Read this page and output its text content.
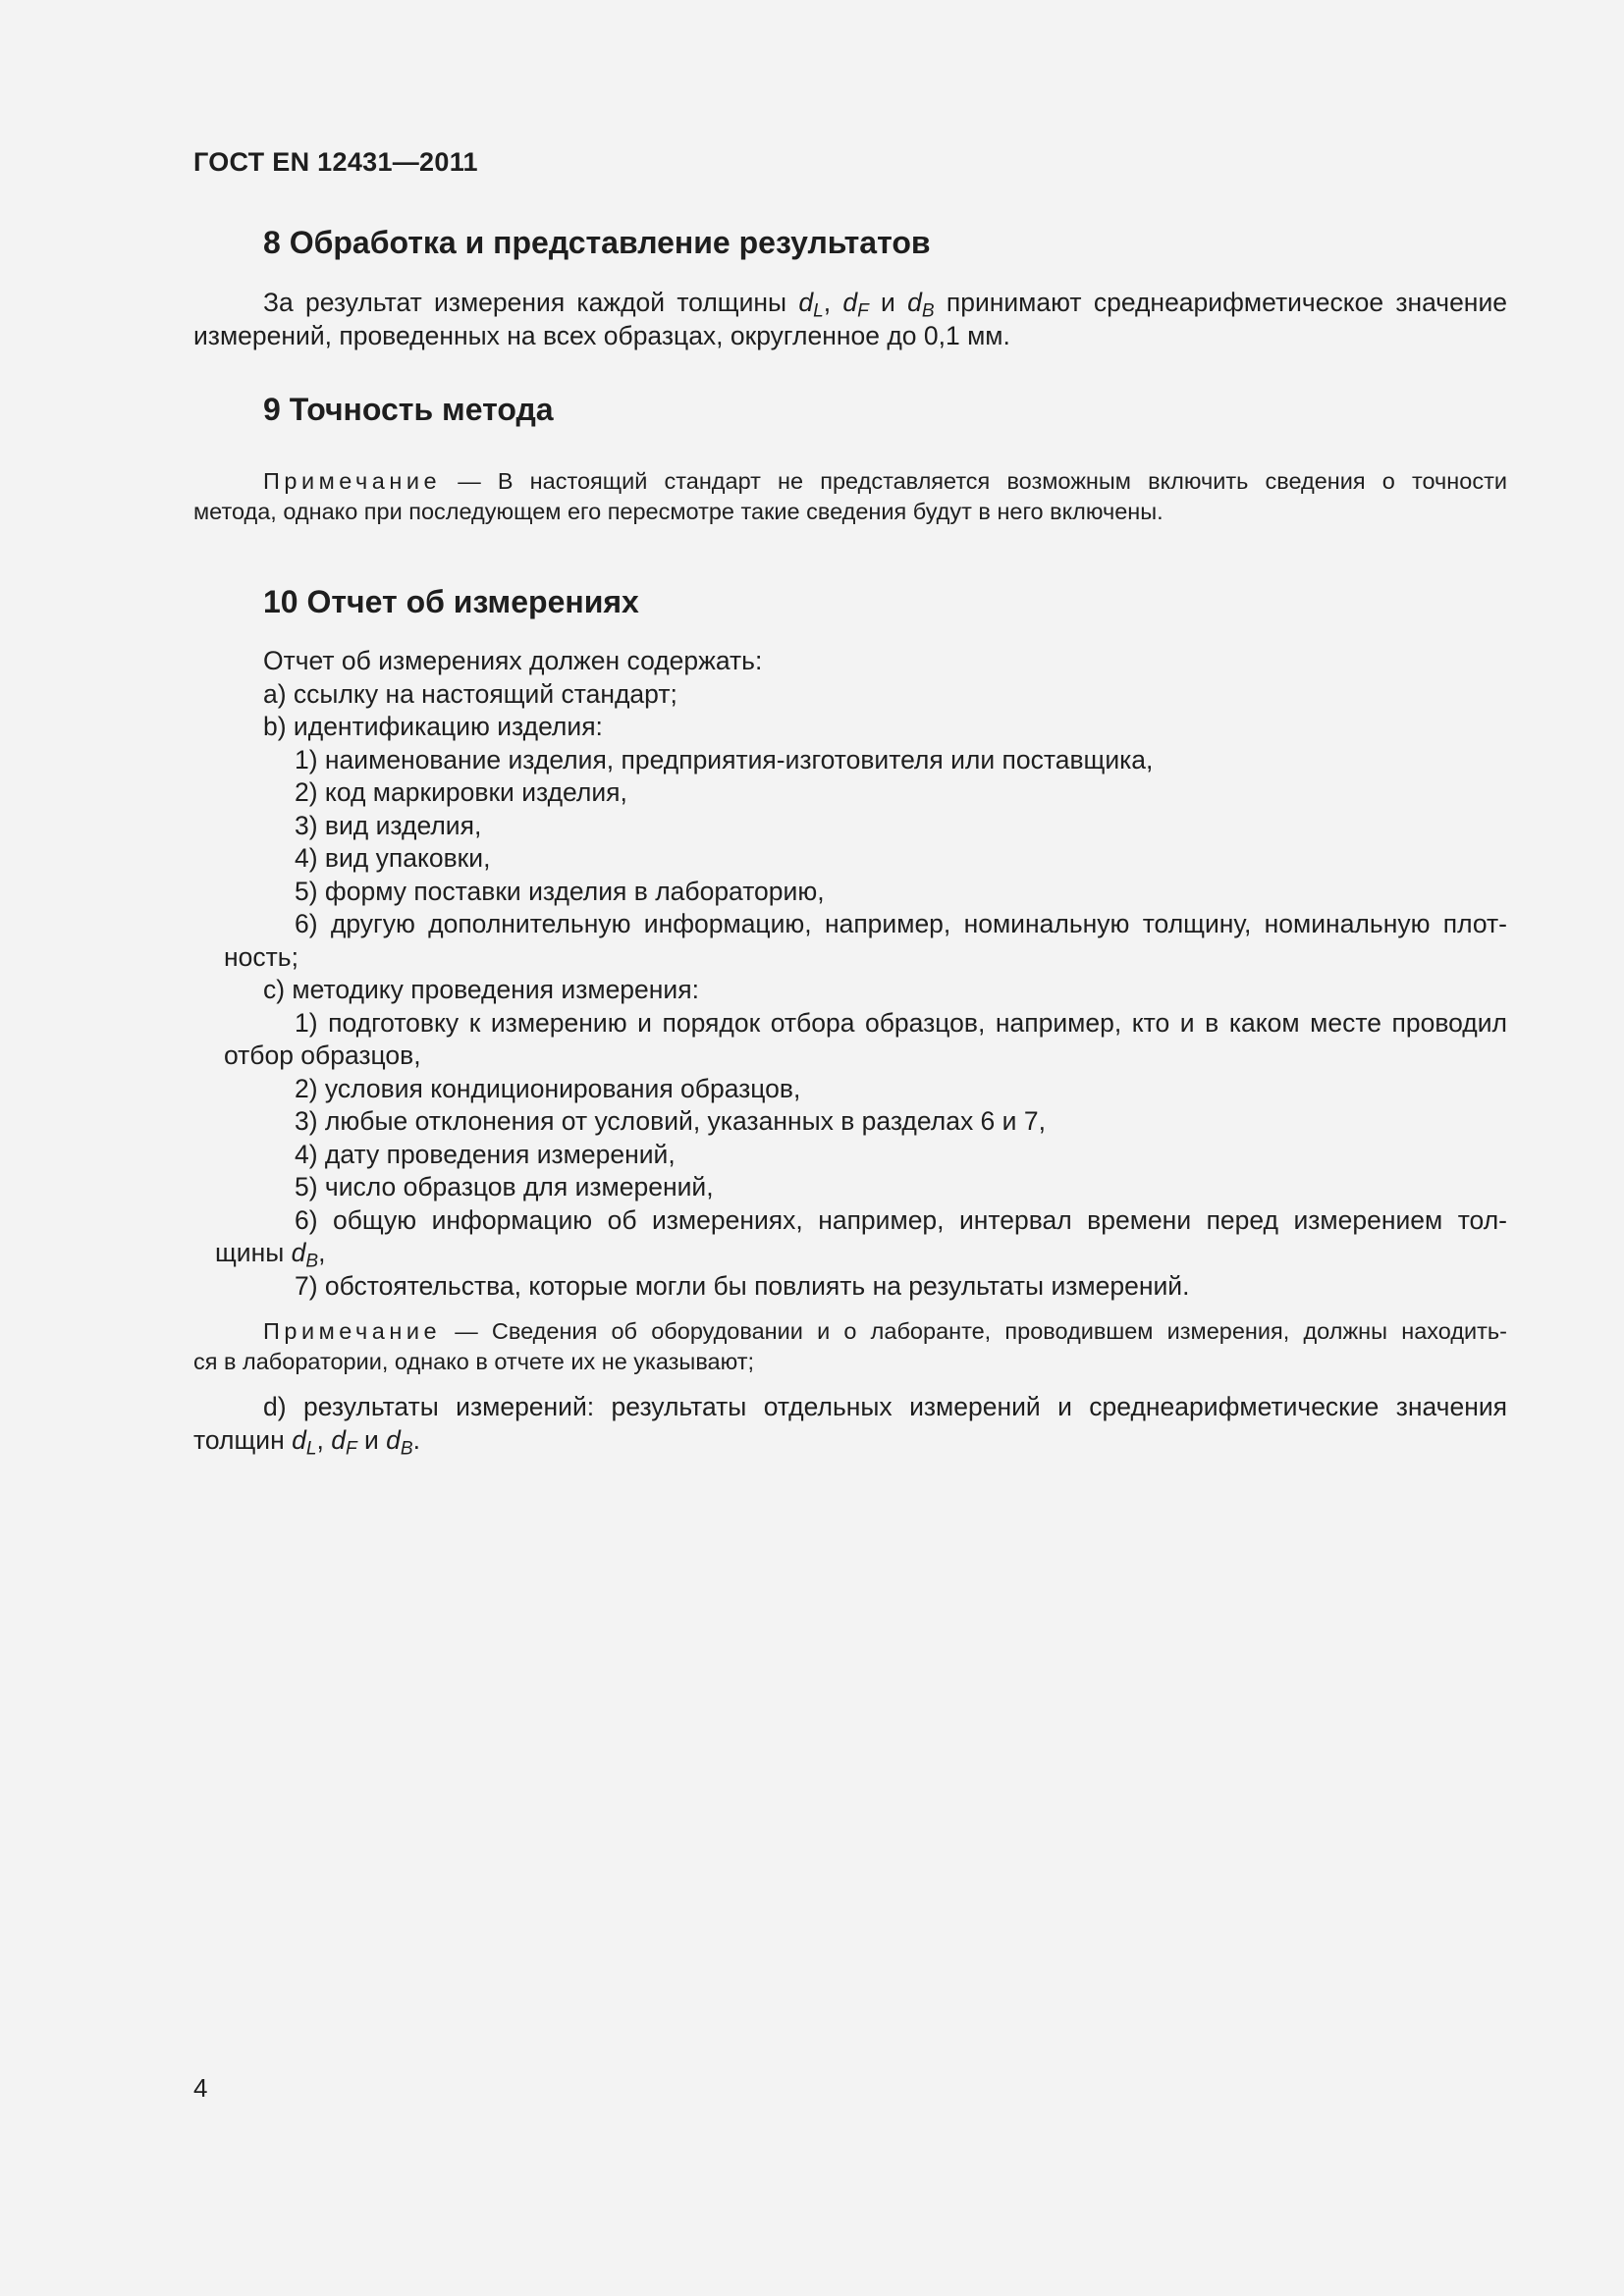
ГОСТ EN 12431—2011
8 Обработка и представление результатов
За результат измерения каждой толщины $d_L$, $d_F$ и $d_B$ принимают среднеарифметическое значение
измерений, проведенных на всех образцах, округленное до 0,1 мм.
9 Точность метода
Примечание — В настоящий стандарт не представляется возможным включить сведения о точности
метода, однако при последующем его пересмотре такие сведения будут в него включены.
10 Отчет об измерениях
Отчет об измерениях должен содержать:
a) ссылку на настоящий стандарт;
b) идентификацию изделия:
1) наименование изделия, предприятия-изготовителя или поставщика,
2) код маркировки изделия,
3) вид изделия,
4) вид упаковки,
5) форму поставки изделия в лабораторию,
6) другую дополнительную информацию, например, номинальную толщину, номинальную плот-
ность;
c) методику проведения измерения:
1) подготовку к измерению и порядок отбора образцов, например, кто и в каком месте проводил
отбор образцов,
2) условия кондиционирования образцов,
3) любые отклонения от условий, указанных в разделах 6 и 7,
4) дату проведения измерений,
5) число образцов для измерений,
6) общую информацию об измерениях, например, интервал времени перед измерением тол-
щины $d_B$,
7) обстоятельства, которые могли бы повлиять на результаты измерений.
Примечание — Сведения об оборудовании и о лаборанте, проводившем измерения, должны находить-
ся в лаборатории, однако в отчете их не указывают;
d) результаты измерений: результаты отдельных измерений и среднеарифметические значения
толщин $d_L$, $d_F$ и $d_B$.
4
